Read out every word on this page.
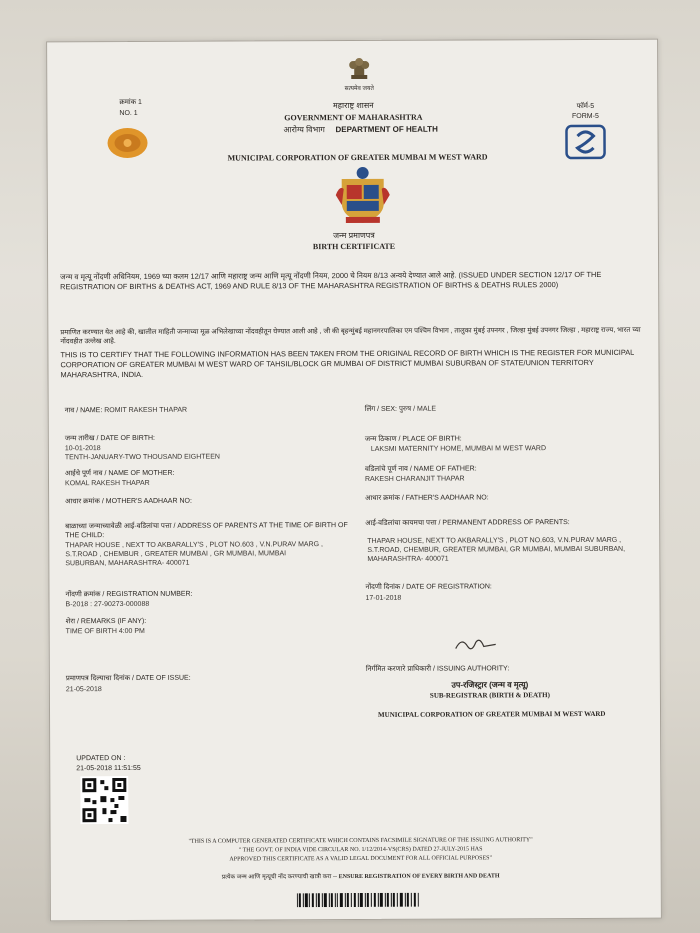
सत्यमेव जयते
क्रमांक 1
NO. 1
महाराष्ट्र शासन
GOVERNMENT OF MAHARASHTRA
आरोग्य विभाग	DEPARTMENT OF HEALTH
फॉर्म-5
FORM-5
MUNICIPAL CORPORATION OF GREATER MUMBAI M WEST WARD
जन्म प्रमाणपत्र
BIRTH CERTIFICATE
जन्म व मृत्यू नोंदणी अधिनियम, 1969 च्या कलम 12/17 आणि महाराष्ट्र जन्म आणि मृत्यू नोंदणी नियम, 2000 चे नियम 8/13 अन्वये देण्यात आले आहे. (ISSUED UNDER SECTION 12/17 OF THE REGISTRATION OF BIRTHS & DEATHS ACT, 1969 AND RULE 8/13 OF THE MAHARASHTRA REGISTRATION OF BIRTHS & DEATHS RULES 2000)
प्रमाणित करण्यात येत आहे की, खालील माहिती जन्माच्या मूळ अभिलेखाच्या नोंदवहीतून घेण्यात आली आहे , जी की बृहन्मुंबई महानगरपालिका एम पश्चिम विभाग , तालुका मुंबई उपनगर , जिल्हा मुंबई उपनगर जिल्हा , महाराष्ट्र राज्य, भारत च्या नोंदवहीत उल्लेख आहे.
THIS IS TO CERTIFY THAT THE FOLLOWING INFORMATION HAS BEEN TAKEN FROM THE ORIGINAL RECORD OF BIRTH WHICH IS THE REGISTER FOR MUNICIPAL CORPORATION OF GREATER MUMBAI M WEST WARD OF TAHSIL/BLOCK GR MUMBAI OF DISTRICT MUMBAI SUBURBAN OF STATE/UNION TERRITORY MAHARASHTRA, INDIA.
नाव / NAME: ROMIT RAKESH THAPAR
जन्म तारीख / DATE OF BIRTH:
10-01-2018
TENTH-JANUARY-TWO THOUSAND EIGHTEEN
आईचे पूर्ण नाव / NAME OF MOTHER:
KOMAL RAKESH THAPAR
आधार क्रमांक / MOTHER'S AADHAAR NO:
बाळाच्या जन्माच्यावेळी आई-वडिलांचा पत्ता / ADDRESS OF PARENTS AT THE TIME OF BIRTH OF THE CHILD:
THAPAR HOUSE , NEXT TO AKBARALLY'S , PLOT NO.603 , V.N.PURAV MARG , S.T.ROAD , CHEMBUR , GREATER MUMBAI , GR MUMBAI, MUMBAI SUBURBAN, MAHARASHTRA- 400071
नोंदणी क्रमांक / REGISTRATION NUMBER:
B-2018 : 27-90273-000088
शेरा / REMARKS (IF ANY):
TIME OF BIRTH 4:00 PM
प्रमाणपत्र दिल्याचा दिनांक / DATE OF ISSUE:
21-05-2018
लिंग / SEX: पुरुष / MALE
जन्म ठिकाण / PLACE OF BIRTH:
LAKSMI MATERNITY HOME, MUMBAI M WEST WARD
वडिलांचे पूर्ण नाव / NAME OF FATHER:
RAKESH CHARANJIT THAPAR
आधार क्रमांक / FATHER'S AADHAAR NO:
आई-वडिलांचा कायमचा पत्ता / PERMANENT ADDRESS OF PARENTS:
THAPAR HOUSE, NEXT TO AKBARALLY'S , PLOT NO.603, V.N.PURAV MARG , S.T.ROAD, CHEMBUR, GREATER MUMBAI, GR MUMBAI, MUMBAI SUBURBAN, MAHARASHTRA- 400071
नोंदणी दिनांक / DATE OF REGISTRATION:
17-01-2018
निर्गमित करणारे प्राधिकारी / ISSUING AUTHORITY:
उप-रजिस्ट्रार (जन्म व मृत्यू)
SUB-REGISTRAR (BIRTH & DEATH)
MUNICIPAL CORPORATION OF GREATER MUMBAI M WEST WARD
UPDATED ON :
21-05-2018 11:51:55
"THIS IS A COMPUTER GENERATED CERTIFICATE WHICH CONTAINS FACSIMILE SIGNATURE OF THE ISSUING AUTHORITY"
" THE GOVT. OF INDIA VIDE CIRCULAR NO. 1/12/2014-VS(CRS) DATED 27-JULY-2015 HAS
APPROVED THIS CERTIFICATE AS A VALID LEGAL DOCUMENT FOR ALL OFFICIAL PURPOSES"
प्रत्येक जन्म आणि मृत्यूची नोंद करण्याची खात्री करा -- ENSURE REGISTRATION OF EVERY BIRTH AND DEATH
